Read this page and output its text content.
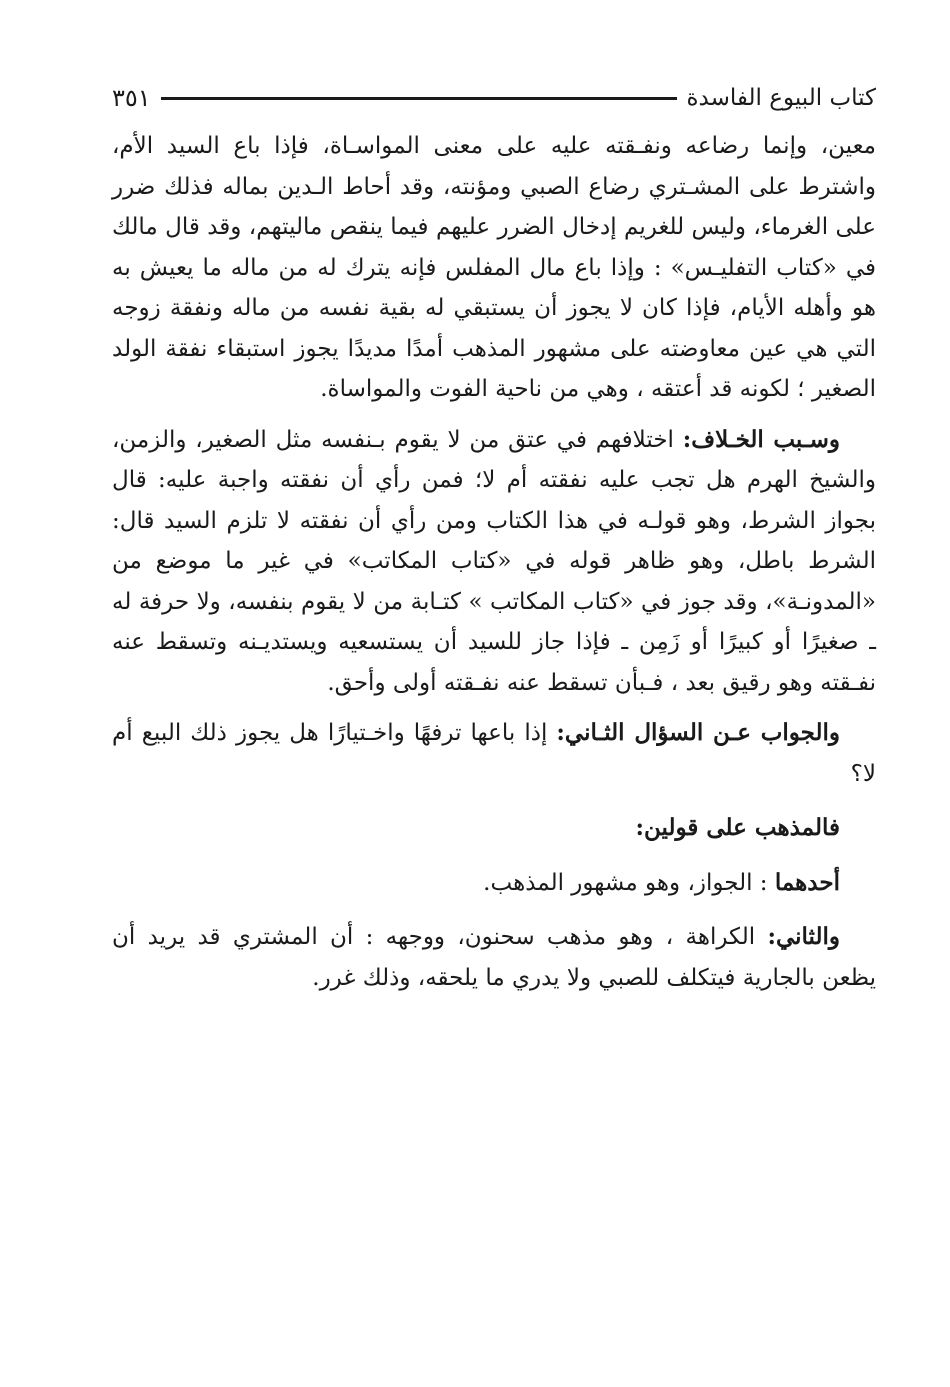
كتاب البيوع الفاسدة
٣٥١

معين، وإنما رضاعه ونفـقته عليه على معنى المواسـاة، فإذا باع السيد الأم، واشترط على المشـتري رضاع الصبي ومؤنته، وقد أحاط الـدين بماله فذلك ضرر على الغرماء، وليس للغريم إدخال الضرر عليهم فيما ينقص ماليتهم، وقد قال مالك في «كتاب التفليـس» : وإذا باع مال المفلس فإنه يترك له من ماله ما يعيش به هو وأهله الأيام، فإذا كان لا يجوز أن يستبقي له بقية نفسه من ماله ونفقة زوجه التي هي عين معاوضته على مشهور المذهب أمدًا مديدًا يجوز استبقاء نفقة الولد الصغير ؛ لكونه قد أعتقه ، وهي من ناحية الفوت والمواساة.

وسـبب الخـلاف: اختلافهم في عتق من لا يقوم بـنفسه مثل الصغير، والزمن، والشيخ الهرم هل تجب عليه نفقته أم لا؛ فمن رأي أن نفقته واجبة عليه: قال بجواز الشرط، وهو قولـه في هذا الكتاب ومن رأي أن نفقته لا تلزم السيد قال: الشرط باطل، وهو ظاهر قوله في «كتاب المكاتب» في غير ما موضع من «المدونـة»، وقد جوز في «كتاب المكاتب » كتـابة من لا يقوم بنفسه، ولا حرفة له ـ صغيرًا أو كبيرًا أو زَمِن ـ فإذا جاز للسيد أن يستسعيه ويستديـنه وتسقط عنه نفـقته وهو رقيق بعد ، فـبأن تسقط عنه نفـقته أولى وأحق.

والجواب عـن السؤال الثـاني: إذا باعها ترفهًا واخـتيارًا هل يجوز ذلك البيع أم لا؟

فالمذهب على قولين:

أحدهما : الجواز، وهو مشهور المذهب.

والثاني: الكراهة ، وهو مذهب سحنون، ووجهه : أن المشتري قد يريد أن يظعن بالجارية فيتكلف للصبي ولا يدري ما يلحقه، وذلك غرر.
